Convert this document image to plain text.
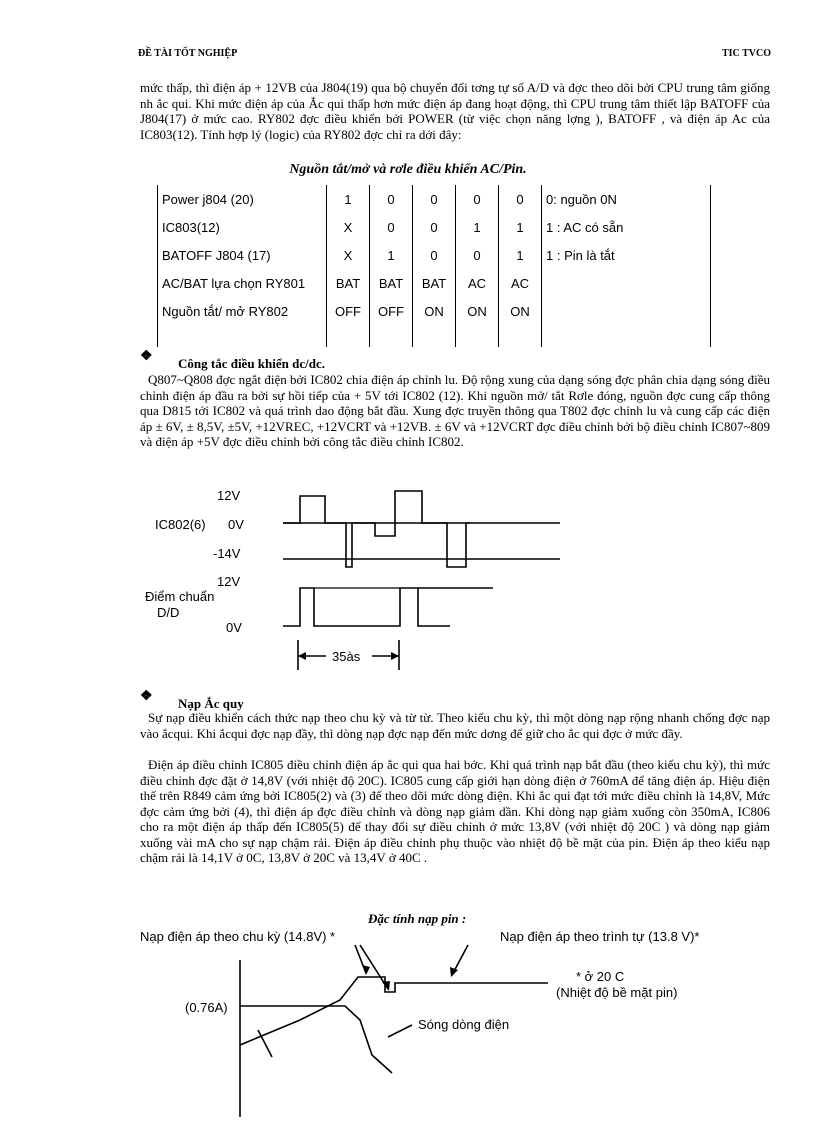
ĐỀ TÀI TỐT NGHIỆP	TIC TVCO

mức thấp, thì điện áp + 12VB của J804(19) qua bộ chuyển đổi tơng tự số A/D và đợc theo dõi bởi CPU trung tâm giống nh ắc qui. Khi mức điện áp của Ắc qui thấp hơn mức điện áp đang hoạt động, thì CPU trung tâm thiết lập BATOFF của J804(17) ở mức cao. RY802 đợc điều khiển bởi POWER (từ việc chọn năng lợng ), BATOFF , và điện áp Ac của IC803(12). Tính hợp lý (logic) của RY802 đợc chỉ ra dới đây:

Nguồn tắt/mở và rơle điều khiển AC/Pin.
Power j804 (20)	1	0	0	0	0	0: nguồn 0N
IC803(12)	X	0	0	1	1	1 : AC có sẵn
BATOFF J804 (17)	X	1	0	0	1	1 : Pin là tắt
AC/BAT lựa chọn RY801	BAT	BAT	BAT	AC	AC	
Nguồn tắt/ mở RY802	OFF	OFF	ON	ON	ON	

❖ Công tắc điều khiển dc/dc.

Q807~Q808 đợc ngắt điện bởi IC802 chia điện áp chỉnh lu. Độ rộng xung của dạng sóng đợc phân chia dạng sóng điều chỉnh điện áp đầu ra bởi sự hồi tiếp của + 5V tới IC802 (12). Khi nguồn mở/ tắt Rơle đóng, nguồn đợc cung cấp thông qua D815 tới IC802 và quá trình dao động bắt đầu. Xung đợc truyền thông qua T802 đợc chỉnh lu và cung cấp các điện áp ± 6V, ± 8,5V, ±5V, +12VREC, +12VCRT và +12VB. ± 6V và +12VCRT đợc điều chỉnh bởi bộ điều chỉnh IC807~809 và điện áp +5V đợc điều chỉnh bởi công tắc điều chỉnh IC802.

12V
IC802(6) 0V
-14V
12V
Điểm chuẩn
D/D
0V
35às
❖ Nạp Ắc quy

Sự nạp điều khiển cách thức nạp theo chu kỳ và từ từ. Theo kiểu chu kỳ, thì một dòng nạp rộng nhanh chống đợc nạp vào ắcqui. Khi ắcqui đợc nạp đầy, thì dòng nạp đợc nạp đến mức dơng để giữ cho ắc qui đợc ở mức đầy.

Điện áp điều chỉnh IC805 điều chỉnh điện áp ắc qui qua hai bớc. Khi quá trình nạp bắt đầu (theo kiểu chu kỳ), thì mức điều chỉnh đợc đặt ở 14,8V (với nhiệt độ 20C). IC805 cung cấp giới hạn dòng điện ở 760mA để tăng điện áp. Hiệu điện thế trên R849 cảm ứng bởi IC805(2) và (3) để theo dõi mức dòng điện. Khi ắc qui đạt tới mức điều chỉnh là 14,8V, Mức đợc cảm ứng bởi (4), thì điện áp đợc điều chỉnh và dòng nạp giảm dần. Khi dòng nạp giảm xuống còn 350mA, IC806 cho ra một điện áp thấp đến IC805(5) để thay đổi sự điều chỉnh ở mức 13,8V (với nhiệt độ 20C ) và dòng nạp giảm xuống vài mA cho sự nạp chậm rải. Điện áp điều chỉnh phụ thuộc vào nhiệt độ bề mặt của pin. Điện áp theo kiểu nạp chậm rải là 14,1V ở 0C, 13,8V ở 20C và 13,4V ở 40C .

Đặc tính nạp pin :
Nạp điện áp theo chu kỳ (14.8V) *	Nạp điện áp theo trình tự (13.8 V)*
* ở 20 C
(Nhiệt độ bề mặt pin)
(0.76A)
Sóng dòng điện
